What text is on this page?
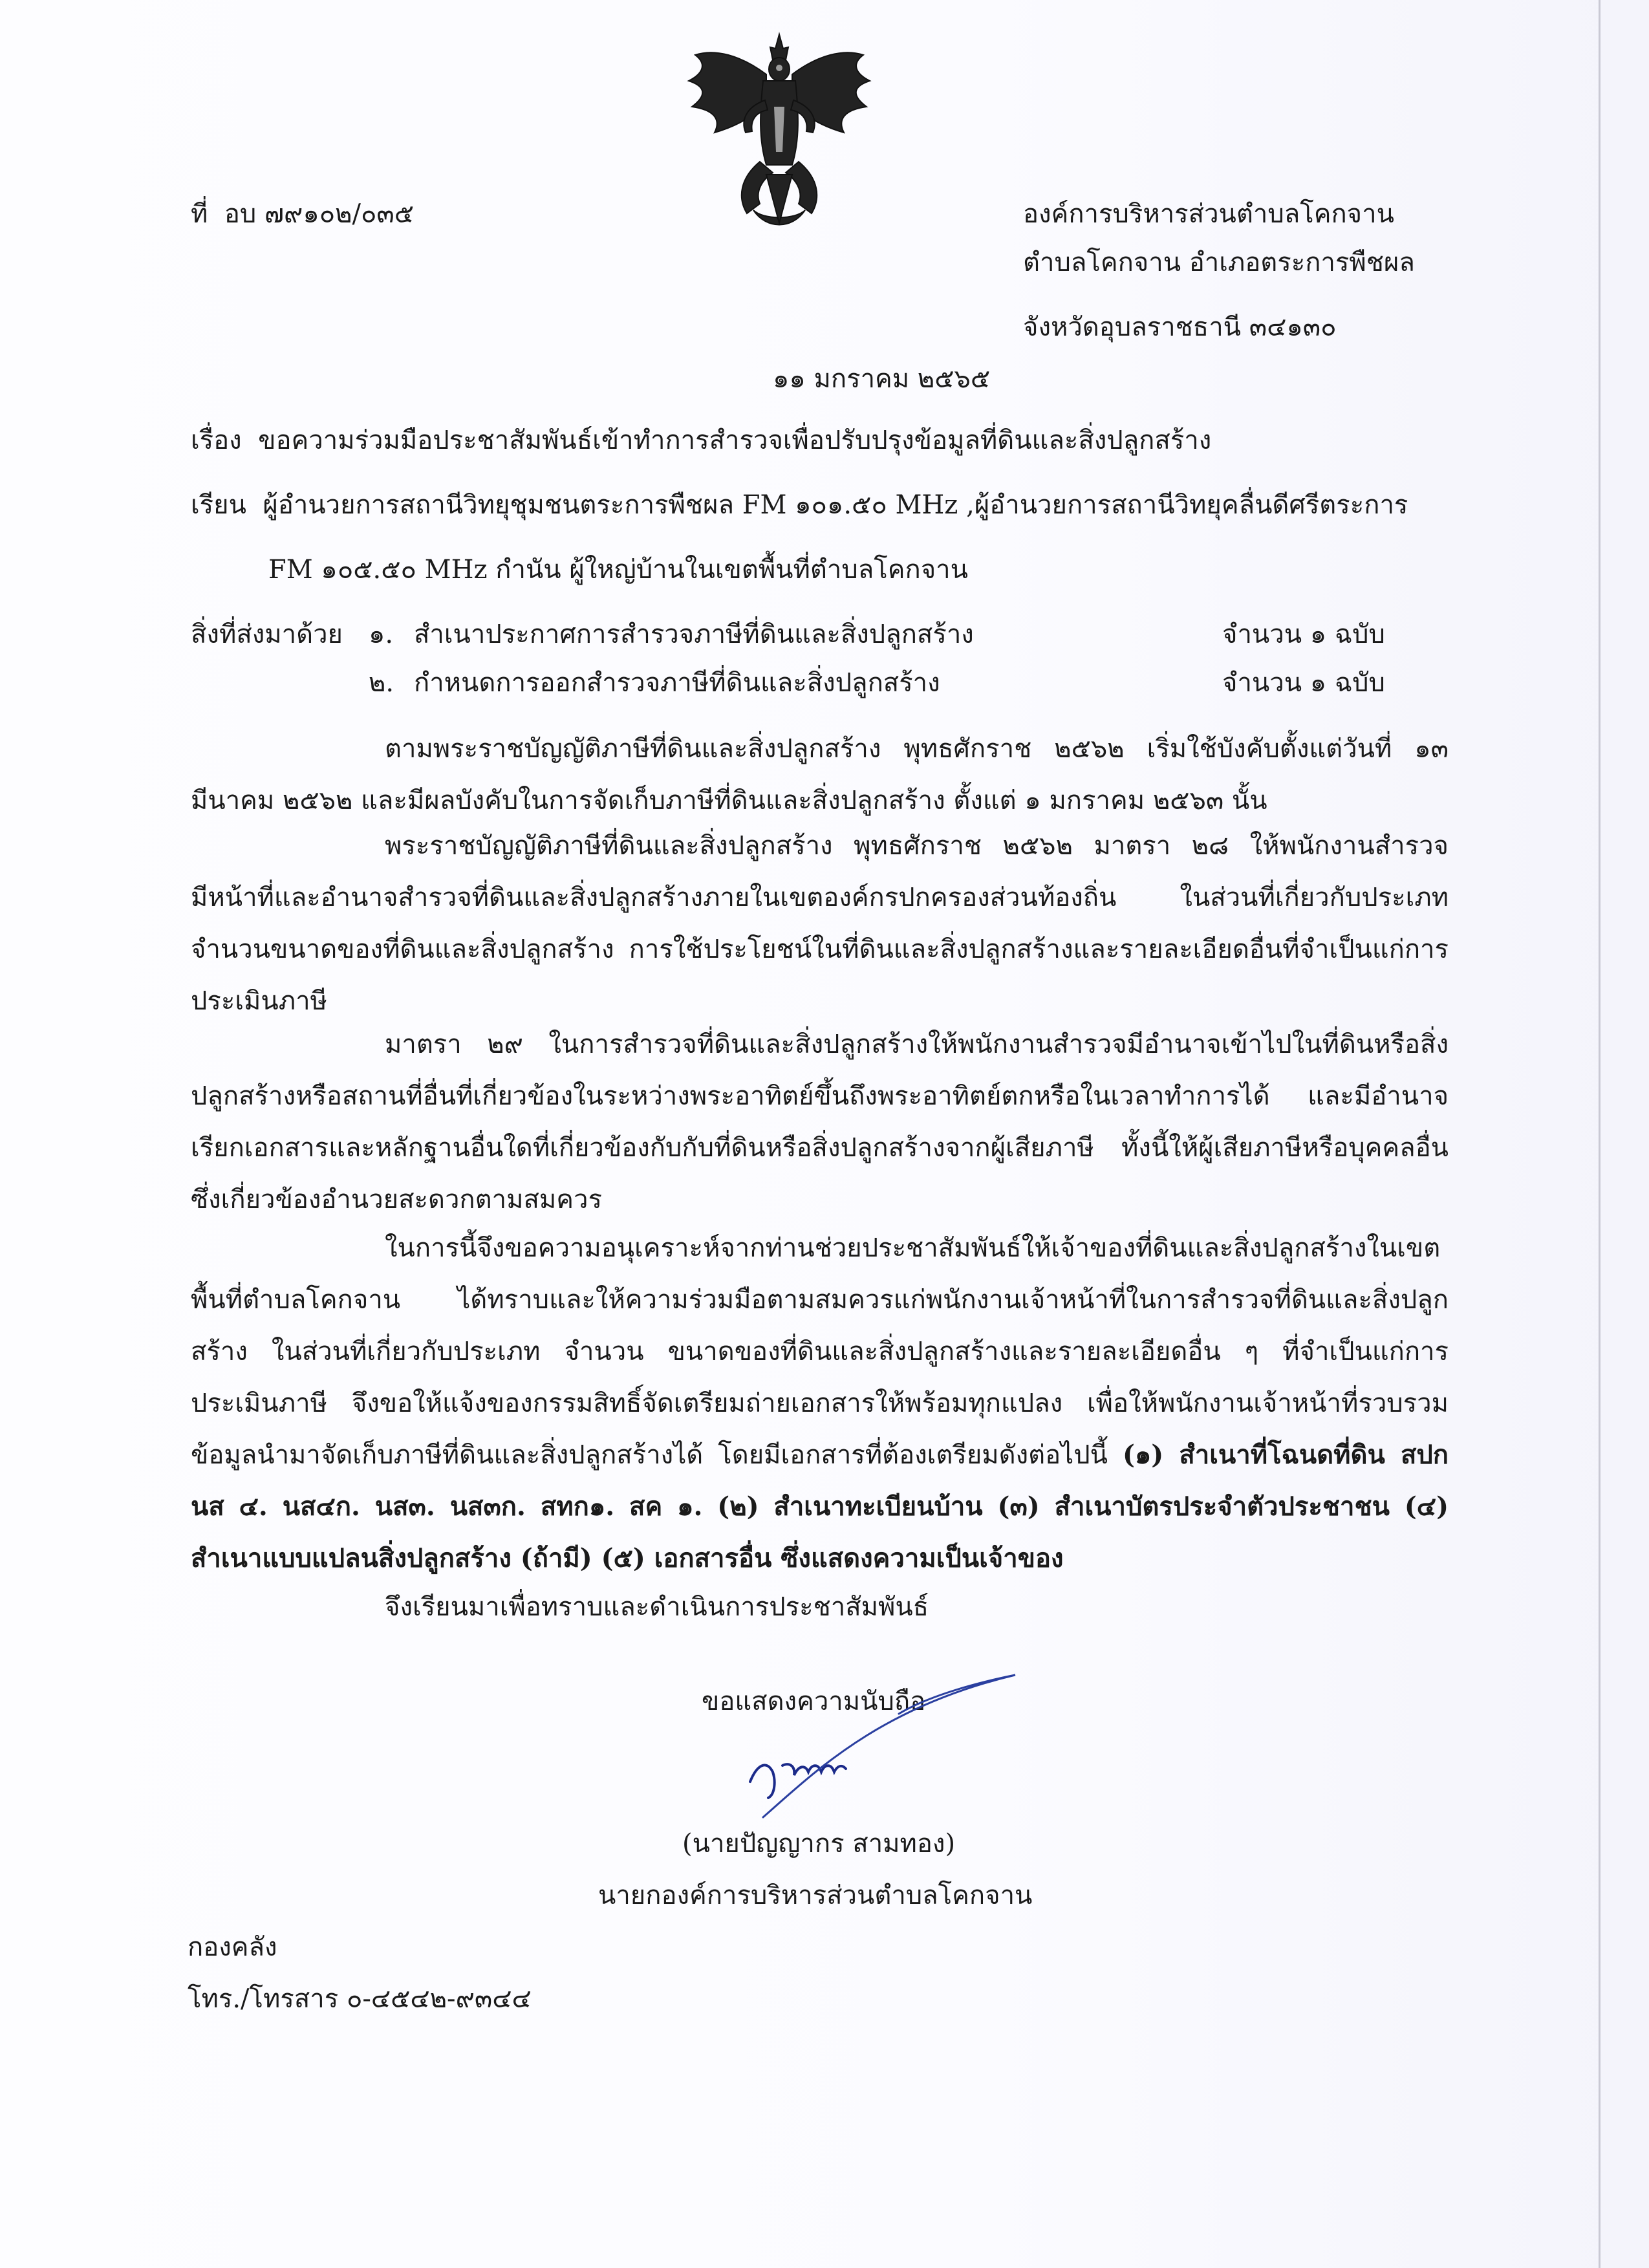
ที่ อบ ๗๙๑๐๒/๐๓๕	องค์การบริหารส่วนตำบลโคกจาน
ตำบลโคกจาน อำเภอตระการพืชผล
จังหวัดอุบลราชธานี ๓๔๑๓๐
๑๑ มกราคม ๒๕๖๕
เรื่อง ขอความร่วมมือประชาสัมพันธ์เข้าทำการสำรวจเพื่อปรับปรุงข้อมูลที่ดินและสิ่งปลูกสร้าง
เรียน ผู้อำนวยการสถานีวิทยุชุมชนตระการพืชผล FM ๑๐๑.๕๐ MHz ,ผู้อำนวยการสถานีวิทยุคลื่นดีศรีตระการ
FM ๑๐๕.๕๐ MHz กำนัน ผู้ใหญ่บ้านในเขตพื้นที่ตำบลโคกจาน
สิ่งที่ส่งมาด้วย ๑. สำเนาประกาศการสำรวจภาษีที่ดินและสิ่งปลูกสร้าง	จำนวน ๑ ฉบับ
๒. กำหนดการออกสำรวจภาษีที่ดินและสิ่งปลูกสร้าง	จำนวน ๑ ฉบับ
ตามพระราชบัญญัติภาษีที่ดินและสิ่งปลูกสร้าง พุทธศักราช ๒๕๖๒ เริ่มใช้บังคับตั้งแต่วันที่ ๑๓ มีนาคม ๒๕๖๒ และมีผลบังคับในการจัดเก็บภาษีที่ดินและสิ่งปลูกสร้าง ตั้งแต่ ๑ มกราคม ๒๕๖๓ นั้น
พระราชบัญญัติภาษีที่ดินและสิ่งปลูกสร้าง พุทธศักราช ๒๕๖๒ มาตรา ๒๘ ให้พนักงานสำรวจมีหน้าที่และอำนาจสำรวจที่ดินและสิ่งปลูกสร้างภายในเขตองค์กรปกครองส่วนท้องถิ่น ในส่วนที่เกี่ยวกับประเภท จำนวนขนาดของที่ดินและสิ่งปลูกสร้าง การใช้ประโยชน์ในที่ดินและสิ่งปลูกสร้างและรายละเอียดอื่นที่จำเป็นแก่การประเมินภาษี
มาตรา ๒๙ ในการสำรวจที่ดินและสิ่งปลูกสร้างให้พนักงานสำรวจมีอำนาจเข้าไปในที่ดินหรือสิ่งปลูกสร้างหรือสถานที่อื่นที่เกี่ยวข้องในระหว่างพระอาทิตย์ขึ้นถึงพระอาทิตย์ตกหรือในเวลาทำการได้ และมีอำนาจเรียกเอกสารและหลักฐานอื่นใดที่เกี่ยวข้องกับกับที่ดินหรือสิ่งปลูกสร้างจากผู้เสียภาษี ทั้งนี้ให้ผู้เสียภาษีหรือบุคคลอื่นซึ่งเกี่ยวข้องอำนวยสะดวกตามสมควร
ในการนี้จึงขอความอนุเคราะห์จากท่านช่วยประชาสัมพันธ์ให้เจ้าของที่ดินและสิ่งปลูกสร้างในเขตพื้นที่ตำบลโคกจาน ได้ทราบและให้ความร่วมมือตามสมควรแก่พนักงานเจ้าหน้าที่ในการสำรวจที่ดินและสิ่งปลูกสร้าง ในส่วนที่เกี่ยวกับประเภท จำนวน ขนาดของที่ดินและสิ่งปลูกสร้างและรายละเอียดอื่น ๆ ที่จำเป็นแก่การประเมินภาษี จึงขอให้แจ้งของกรรมสิทธิ์จัดเตรียมถ่ายเอกสารให้พร้อมทุกแปลง เพื่อให้พนักงานเจ้าหน้าที่รวบรวมข้อมูลนำมาจัดเก็บภาษีที่ดินและสิ่งปลูกสร้างได้ โดยมีเอกสารที่ต้องเตรียมดังต่อไปนี้ (๑) สำเนาที่โฉนดที่ดิน สปก นส ๔. นส๔ก. นส๓. นส๓ก. สทก๑. สค ๑. (๒) สำเนาทะเบียนบ้าน (๓) สำเนาบัตรประจำตัวประชาชน (๔) สำเนาแบบแปลนสิ่งปลูกสร้าง (ถ้ามี) (๕) เอกสารอื่น ซึ่งแสดงความเป็นเจ้าของ
จึงเรียนมาเพื่อทราบและดำเนินการประชาสัมพันธ์
ขอแสดงความนับถือ
(นายปัญญากร สามทอง)
นายกองค์การบริหารส่วนตำบลโคกจาน
กองคลัง
โทร./โทรสาร ๐-๔๕๔๒-๙๓๔๔
